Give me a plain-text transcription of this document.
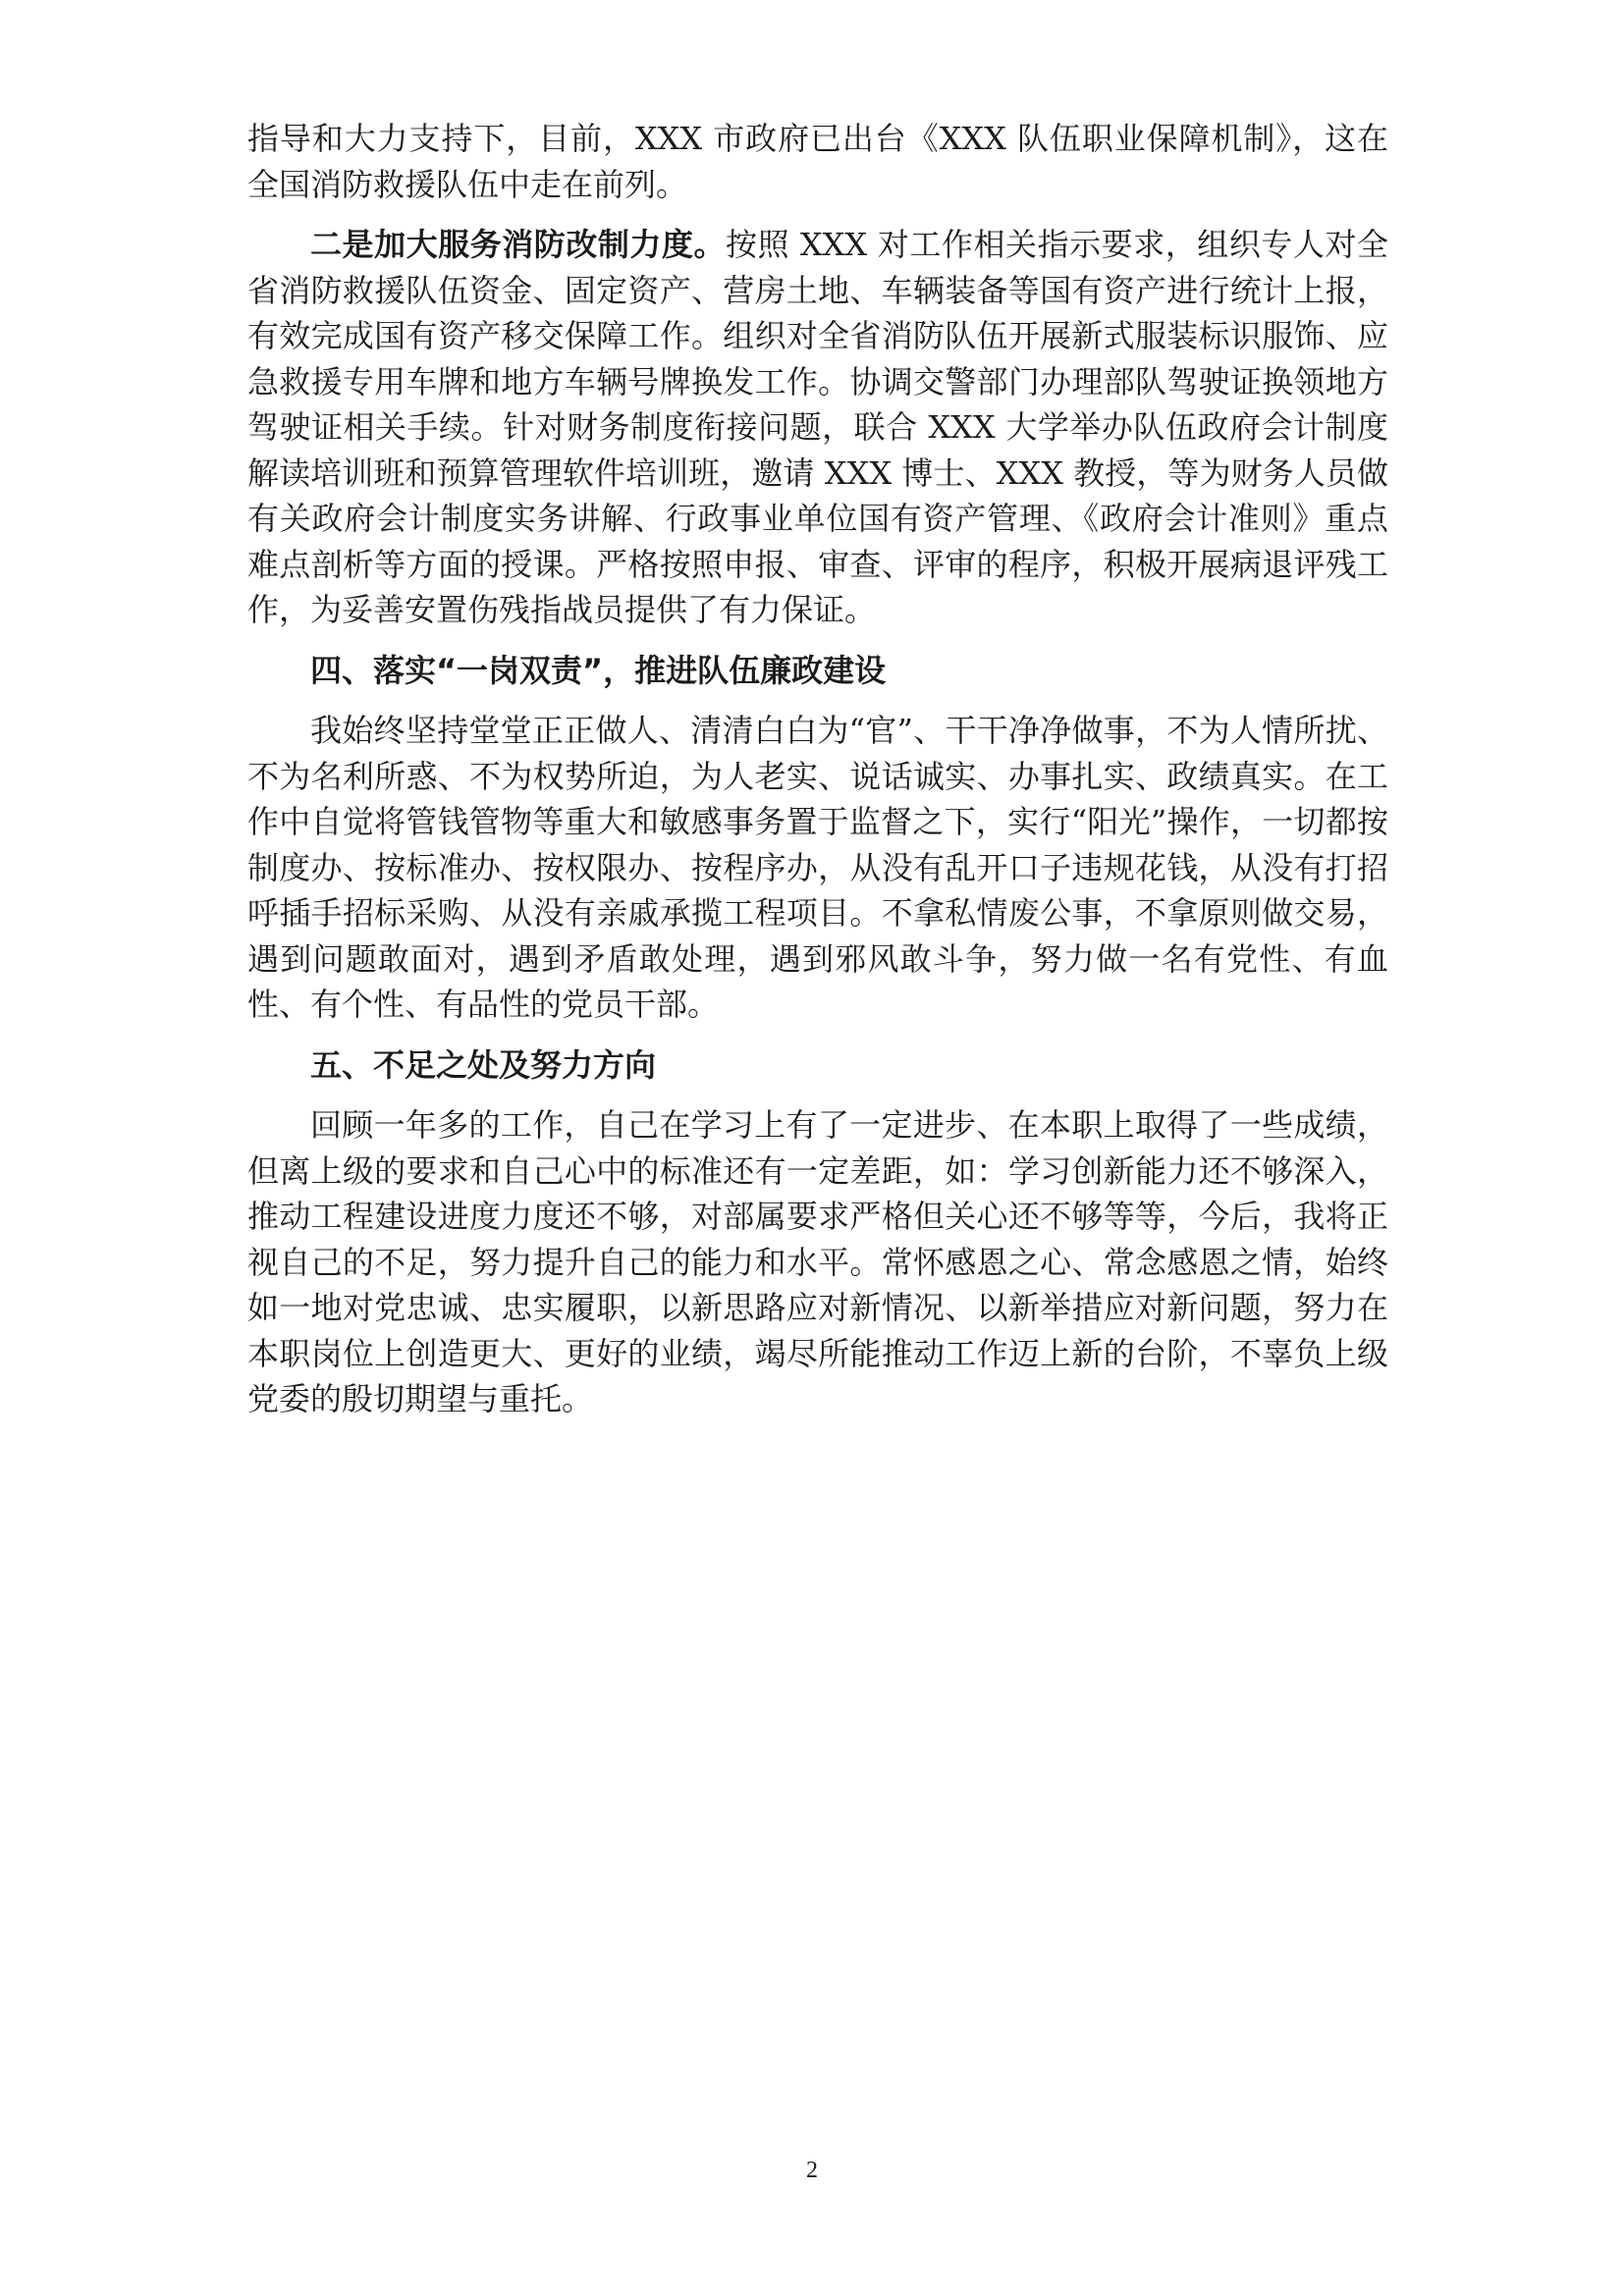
指导和大力支持下，目前，XXX 市政府已出台《XXX 队伍职业保障机制》，这在全国消防救援队伍中走在前列。

二是加大服务消防改制力度。按照 XXX 对工作相关指示要求，组织专人对全省消防救援队伍资金、固定资产、营房土地、车辆装备等国有资产进行统计上报，有效完成国有资产移交保障工作。组织对全省消防队伍开展新式服装标识服饰、应急救援专用车牌和地方车辆号牌换发工作。协调交警部门办理部队驾驶证换领地方驾驶证相关手续。针对财务制度衔接问题，联合 XXX 大学举办队伍政府会计制度解读培训班和预算管理软件培训班，邀请 XXX 博士、XXX 教授，等为财务人员做有关政府会计制度实务讲解、行政事业单位国有资产管理、《政府会计准则》重点难点剖析等方面的授课。严格按照申报、审查、评审的程序，积极开展病退评残工作，为妥善安置伤残指战员提供了有力保证。

四、落实“一岗双责”，推进队伍廉政建设

我始终坚持堂堂正正做人、清清白白为“官”、干干净净做事，不为人情所扰、不为名利所惑、不为权势所迫，为人老实、说话诚实、办事扎实、政绩真实。在工作中自觉将管钱管物等重大和敏感事务置于监督之下，实行“阳光”操作，一切都按制度办、按标准办、按权限办、按程序办，从没有乱开口子违规花钱，从没有打招呼插手招标采购、从没有亲戚承揽工程项目。不拿私情废公事，不拿原则做交易，遇到问题敢面对，遇到矛盾敢处理，遇到邪风敢斗争，努力做一名有党性、有血性、有个性、有品性的党员干部。

五、不足之处及努力方向

回顾一年多的工作，自己在学习上有了一定进步、在本职上取得了一些成绩，但离上级的要求和自己心中的标准还有一定差距，如：学习创新能力还不够深入，推动工程建设进度力度还不够，对部属要求严格但关心还不够等等，今后，我将正视自己的不足，努力提升自己的能力和水平。常怀感恩之心、常念感恩之情，始终如一地对党忠诚、忠实履职，以新思路应对新情况、以新举措应对新问题，努力在本职岗位上创造更大、更好的业绩，竭尽所能推动工作迈上新的台阶，不辜负上级党委的殷切期望与重托。

2
